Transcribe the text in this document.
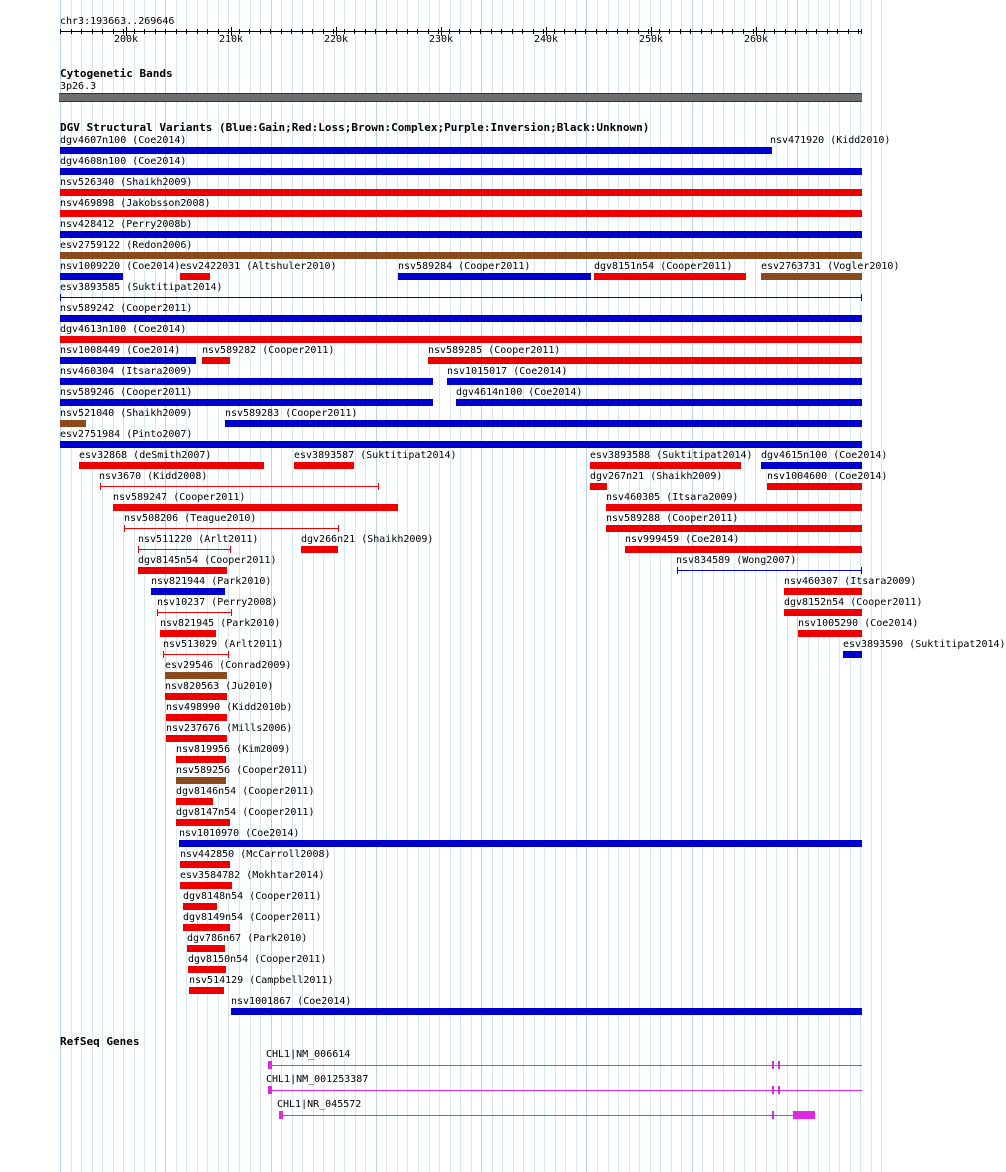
chr3:193663..269646
200k	210k	220k	230k	240k	250k	260k
Cytogenetic Bands
3p26.3
DGV Structural Variants (Blue:Gain;Red:Loss;Brown:Complex;Purple:Inversion;Black:Unknown)
dgv4607n100 (Coe2014)	nsv471920 (Kidd2010)
dgv4608n100 (Coe2014)
nsv526340 (Shaikh2009)
nsv469898 (Jakobsson2008)
nsv428412 (Perry2008b)
esv2759122 (Redon2006)
nsv1009220 (Coe2014) esv2422031 (Altshuler2010)	nsv589284 (Cooper2011)	dgv8151n54 (Cooper2011)	esv2763731 (Vogler2010)
esv3893585 (Suktitipat2014)
nsv589242 (Cooper2011)
dgv4613n100 (Coe2014)
nsv1008449 (Coe2014) nsv589282 (Cooper2011)	nsv589285 (Cooper2011)
nsv460304 (Itsara2009)	nsv1015017 (Coe2014)
nsv589246 (Cooper2011)	dgv4614n100 (Coe2014)
nsv521040 (Shaikh2009)	nsv589283 (Cooper2011)
esv2751984 (Pinto2007)
esv32868 (deSmith2007)	esv3893587 (Suktitipat2014)	esv3893588 (Suktitipat2014) dgv4615n100 (Coe2014)
nsv3670 (Kidd2008)	dgv267n21 (Shaikh2009)	nsv1004600 (Coe2014)
nsv589247 (Cooper2011)	nsv460305 (Itsara2009)
nsv508206 (Teague2010)	nsv589288 (Cooper2011)
nsv511220 (Arlt2011)	dgv266n21 (Shaikh2009)	nsv999459 (Coe2014)
dgv8145n54 (Cooper2011)	nsv834589 (Wong2007)
nsv821944 (Park2010)	nsv460307 (Itsara2009)
nsv10237 (Perry2008)	dgv8152n54 (Cooper2011)
nsv821945 (Park2010)	nsv1005290 (Coe2014)
nsv513029 (Arlt2011)	esv3893590 (Suktitipat2014)
esv29546 (Conrad2009)
nsv820563 (Ju2010)
nsv498990 (Kidd2010b)
nsv237676 (Mills2006)
nsv819956 (Kim2009)
nsv589256 (Cooper2011)
dgv8146n54 (Cooper2011)
dgv8147n54 (Cooper2011)
nsv1010970 (Coe2014)
nsv442850 (McCarroll2008)
esv3584782 (Mokhtar2014)
dgv8148n54 (Cooper2011)
dgv8149n54 (Cooper2011)
dgv786n67 (Park2010)
dgv8150n54 (Cooper2011)
nsv514129 (Campbell2011)
nsv1001867 (Coe2014)
RefSeq Genes
CHL1|NM_006614
CHL1|NM_001253387
CHL1|NR_045572
